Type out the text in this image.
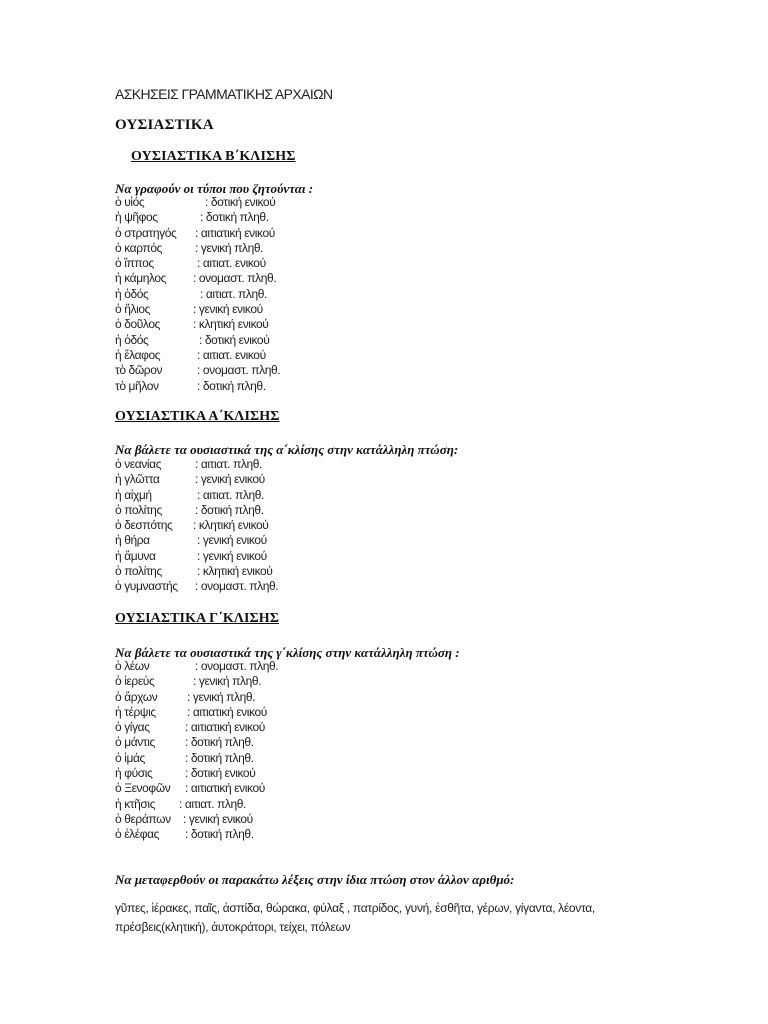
ΑΣΚΗΣΕΙΣ ΓΡΑΜΜΑΤΙΚΗΣ ΑΡΧΑΙΩΝ
ΟΥΣΙΑΣΤΙΚΑ
ΟΥΣΙΑΣΤΙΚΑ Β΄ΚΛΙΣΗΣ
Να γραφούν οι τύποι που ζητούνται :
ὁ υἱός	: δοτική ενικού
ἡ ψῆφος	: δοτική πληθ.
ὁ στρατηγός : αιτιατική ενικού
ὁ καρπός	: γενική πληθ.
ὁ ἵππος	: αιτιατ. ενικού
ἡ κάμηλος : ονομαστ. πληθ.
ἡ ὁδός	: αιτιατ. πληθ.
ὁ ἥλιος	: γενική ενικού
ὁ δοῦλος	: κλητική ενικού
ἡ ὁδός	: δοτική ενικού
ἡ ἔλαφος	: αιτιατ. ενικού
τὸ δῶρον	: ονομαστ. πληθ.
τὸ μῆλον	: δοτική πληθ.
ΟΥΣΙΑΣΤΙΚΑ Α΄ΚΛΙΣΗΣ
Να βάλετε τα ουσιαστικά της α΄κλίσης στην κατάλληλη πτώση:
ὁ νεανίας	: αιτιατ. πληθ.
ἡ γλῶττα	: γενική ενικού
ἡ αἰχμή	: αιτιατ. πληθ.
ὁ πολίτης	: δοτική πληθ.
ὁ δεσπότης : κλητική ενικού
ἡ θήρα	: γενική ενικού
ἡ ἄμυνα	: γενική ενικού
ὁ πολίτης	: κλητική ενικού
ὁ γυμναστής : ονομαστ. πληθ.
ΟΥΣΙΑΣΤΙΚΑ Γ΄ΚΛΙΣΗΣ
Να βάλετε τα ουσιαστικά της γ΄κλίσης στην κατάλληλη πτώση :
ὁ λέων	: ονομαστ. πληθ.
ὁ ἱερεύς	: γενική πληθ.
ὁ ἄρχων : γενική πληθ.
ἡ τέρψις	: αιτιατική ενικού
ὁ γίγας	: αιτιατική ενικού
ὁ μάντις	: δοτική πληθ.
ὁ ἱμάς	: δοτική πληθ.
ἡ φύσις	: δοτική ενικού
ὁ Ξενοφῶν : αιτιατική ενικού
ἡ κτῆσις : αιτιατ. πληθ.
ὁ θεράπων : γενική ενικού
ὁ ἐλέφας : δοτική πληθ.
Να μεταφερθούν οι παρακάτω λέξεις στην ίδια πτώση στον άλλον αριθμό:
γῦπες, ἱέρακες, παῖς, ἀσπίδα, θώρακα, φύλαξ , πατρίδος, γυνή, ἐσθῆτα, γέρων, γίγαντα, λέοντα, πρέσβεις(κλητική), ἀυτοκράτορι, τείχει, πόλεων
